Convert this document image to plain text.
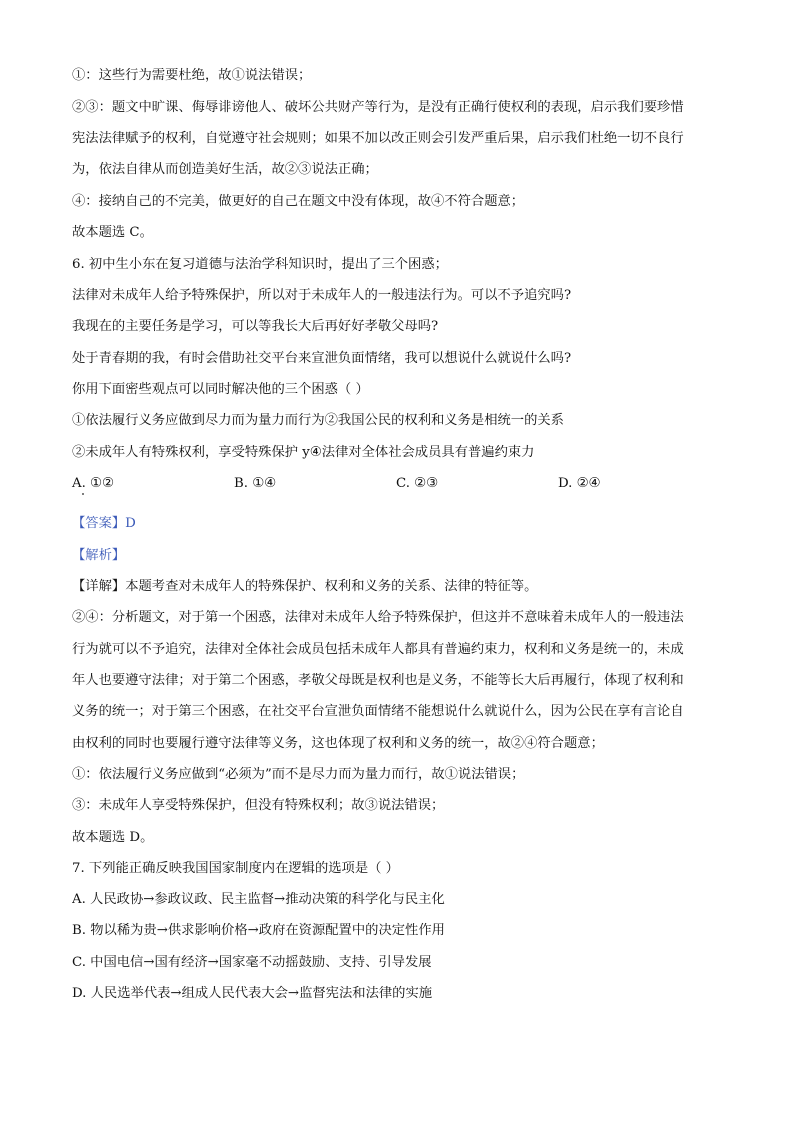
①：这些行为需要杜绝，故①说法错误；
②③：题文中旷课、侮辱诽谤他人、破坏公共财产等行为，是没有正确行使权利的表现，启示我们要珍惜
宪法法律赋予的权利，自觉遵守社会规则；如果不加以改正则会引发严重后果，启示我们杜绝一切不良行
为，依法自律从而创造美好生活，故②③说法正确；
④：接纳自己的不完美，做更好的自己在题文中没有体现，故④不符合题意；
故本题选 C。
6. 初中生小东在复习道德与法治学科知识时，提出了三个困惑；
法律对未成年人给予特殊保护，所以对于未成年人的一般违法行为。可以不予追究吗?
我现在的主要任务是学习，可以等我长大后再好好孝敬父母吗?
处于青春期的我，有时会借助社交平台来宣泄负面情绪，我可以想说什么就说什么吗?
你用下面密些观点可以同时解决他的三个困惑（ ）
①依法履行义务应做到尽力而为量力而行为②我国公民的权利和义务是相统一的关系
②未成年人有特殊权利，享受特殊保护 y④法律对全体社会成员具有普遍约束力
A. ①②	B. ①④	C. ②③	D. ②④
【答案】D
【解析】
【详解】本题考查对未成年人的特殊保护、权利和义务的关系、法律的特征等。
②④：分析题文，对于第一个困惑，法律对未成年人给予特殊保护，但这并不意味着未成年人的一般违法
行为就可以不予追究，法律对全体社会成员包括未成年人都具有普遍约束力，权利和义务是统一的，未成
年人也要遵守法律；对于第二个困惑，孝敬父母既是权利也是义务，不能等长大后再履行，体现了权利和
义务的统一；对于第三个困惑，在社交平台宣泄负面情绪不能想说什么就说什么，因为公民在享有言论自
由权利的同时也要履行遵守法律等义务，这也体现了权利和义务的统一，故②④符合题意；
①：依法履行义务应做到“必须为”而不是尽力而为量力而行，故①说法错误；
③：未成年人享受特殊保护，但没有特殊权利；故③说法错误；
故本题选 D。
7. 下列能正确反映我国国家制度内在逻辑的选项是（ ）
A. 人民政协→参政议政、民主监督→推动决策的科学化与民主化
B. 物以稀为贵→供求影响价格→政府在资源配置中的决定性作用
C. 中国电信→国有经济→国家毫不动摇鼓励、支持、引导发展
D. 人民选举代表→组成人民代表大会→监督宪法和法律的实施
